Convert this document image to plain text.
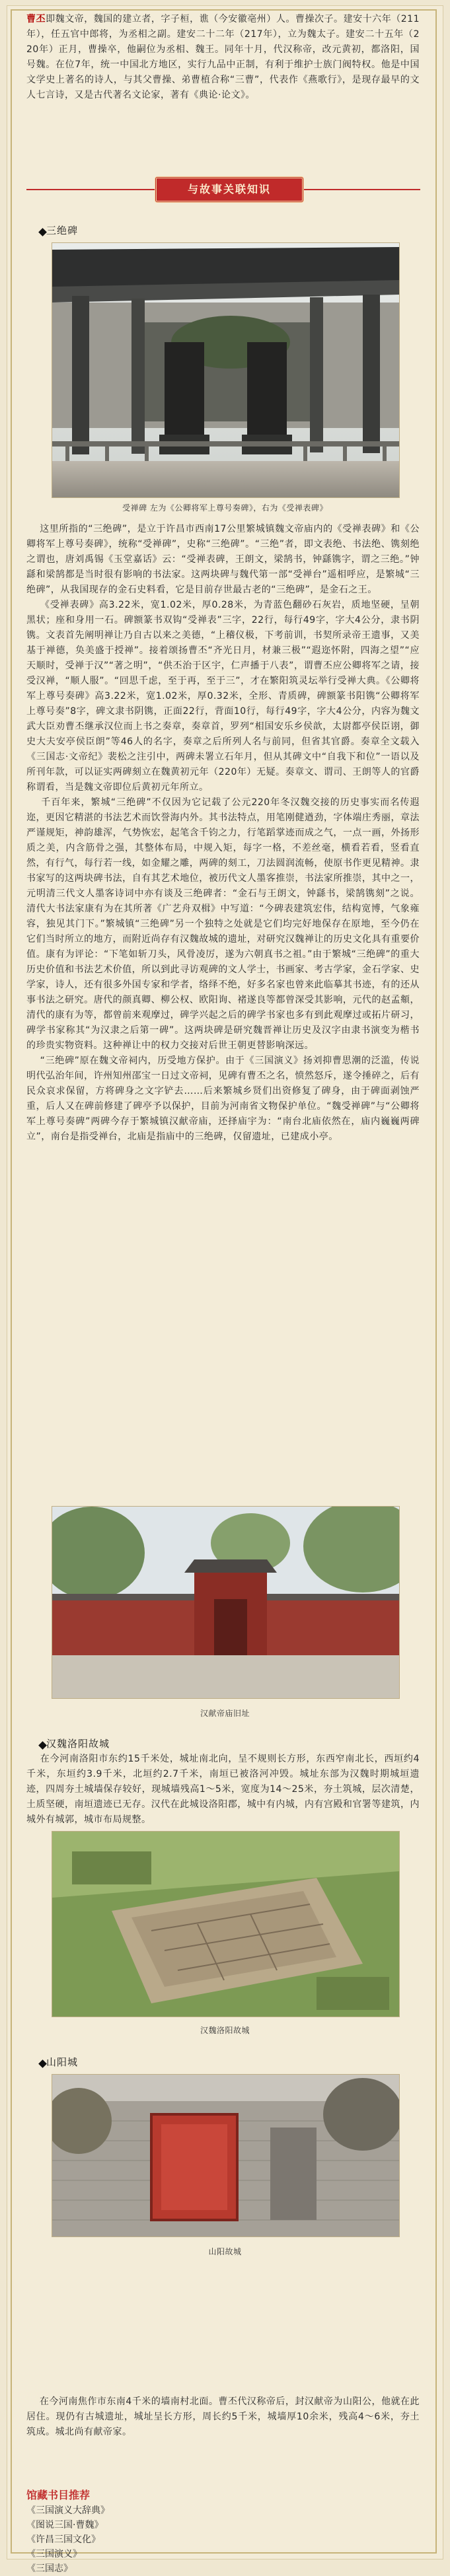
曹丕即魏文帝，魏国的建立者，字子桓，谯（今安徽亳州）人。曹操次子。建安十六年（211年），任五官中郎将，为丞相之副。建安二十二年（217年），立为魏太子。建安二十五年（220年）正月，曹操卒，他嗣位为丞相、魏王。同年十月，代汉称帝，改元黄初，都洛阳，国号魏。在位7年，统一中国北方地区，实行九品中正制，有利于维护士族门阀特权。他是中国文学史上著名的诗人，与其父曹操、弟曹植合称“三曹”，代表作《燕歌行》，是现存最早的文人七言诗，又是古代著名文论家，著有《典论·论文》。
与故事关联知识
三绝碑
受禅碑 左为《公卿将军上尊号奏碑》，右为《受禅表碑》
这里所指的“三绝碑”，是立于许昌市西南17公里繁城镇魏文帝庙内的《受禅表碑》和《公卿将军上尊号奏碑》，统称“受禅碑”，史称“三绝碑”。“三绝”者，即文表绝、书法绝、镌刻绝之谓也，唐刘禹锡《玉堂嘉话》云：“受禅表碑，王朗文，梁鹄书，钟繇镌字，谓之三绝。”钟繇和梁鹄都是当时很有影响的书法家。这两块碑与魏代第一部“受禅台”遥相呼应，是繁城“三绝碑”，从我国现存的金石史料看，它是目前存世最古老的“三绝碑”，是金石之王。
《受禅表碑》高3.22米，宽1.02米，厚0.28米，为青蓝色翻砂石灰岩，质地坚硬，呈朝黑状；座和身用一石。碑额篆书双钩“受禅表”三字，22行，每行49字，字大4公分，隶书阴镌。文表首先阐明禅让乃自古以来之美德，“上稽仪极，下考前训，书契所录帝王遗事，又美基于禅德，奂美盛于授禅”。接着颂扬曹丕“齐光日月，材兼三极”“遐迩怀附，四海之望”“应天顺时，受禅于汉”“著之明”，“供丕治于区宇，仁声播于八表”，谓曹丕应公卿将军之请，接受汉禅，“顺人服”。“回思千虑，至于再，至于三”，才在繁阳筑灵坛举行受禅大典。《公卿将军上尊号奏碑》高3.22米，宽1.02米，厚0.32米，全形、青质碑，碑额篆书阳镌“公卿将军上尊号奏”8字，碑文隶书阴镌，正面22行，背面10行，每行49字，字大4公分，内容为魏文武大臣劝曹丕继承汉位而上书之奏章，奏章首，罗列“相国安乐乡侯歆，太尉都亭侯臣诩，御史大夫安亭侯臣朗”等46人的名字，奏章之后所列人名与前同，但省其官爵。奏章全文载入《三国志·文帝纪》裴松之注引中，两碑未署立石年月，但从其碑文中“自我下和位”一语以及所刊年款，可以证实两碑刻立在魏黄初元年（220年）无疑。奏章文、谓司、王朗等人的官爵称谓看，当是魏文帝即位后黄初元年所立。
千百年来，繁城“三绝碑”不仅因为它记载了公元220年冬汉魏交接的历史事实而名传遐迩，更因它精湛的书法艺术而饮誉海内外。其书法特点，用笔刚健遒劲，字体端庄秀丽，章法严谨规矩，神韵雄浑，气势恢宏，起笔含千钧之力，行笔蹈掌迹而成之气，一点一画，外扬形质之美，内含筋骨之强，其整体布局，中规入矩，每字一格，不差丝毫，横看若看，竖看直然，有行气，每行若一线，如金耀之雕，两碑的刻工，刀法圆润流畅，使原书作更见精神。隶书家写的这两块碑书法，自有其艺术地位，被历代文人墨客推崇，书法家所推崇，其中之一，元明清三代文人墨客诗词中亦有谈及三绝碑者：“金石与王朗文，钟繇书，梁鹄镌刻”之说。清代大书法家康有为在其所著《广艺舟双楫》中写道：“今碑表建筑宏伟，结构宽博，气象雍容，独见其门下。”繁城镇“三绝碑”另一个独特之处就是它们均完好地保存在原地，至今仍在它们当时所立的地方，而附近尚存有汉魏故城的遗址，对研究汉魏禅让的历史文化具有重要价值。康有为评论：“下笔如斩刀头，风骨凌厉，遂为六朝真书之祖。”由于繁城“三绝碑”的重大历史价值和书法艺术价值，所以到此寻访观碑的文人学士，书画家、考古学家，金石学家、史学家，诗人，还有很多外国专家和学者，络绎不绝，好多名家也曾来此临摹其书迹，有的还从事书法之研究。唐代的颜真卿、柳公权、欧阳询、褚遂良等都曾深受其影响，元代的赵孟頫，清代的康有为等，都曾前来观摩过，碑学兴起之后的碑学书家也多有到此观摩过或拓片研习，碑学书家称其“为汉隶之后第一碑”。这两块碑是研究魏晋禅让历史及汉字由隶书演变为楷书的珍贵实物资料。这种禅让中的权力交接对后世王朝更替影响深远。
“三绝碑”原在魏文帝祠内，历受地方保护。由于《三国演义》扬刘抑曹思潮的泛滥，传说明代弘治年间，许州知州邵宝一日过文帝祠，见碑有曹丕之名，愤然怒斥，遂令捶碎之，后有民众哀求保留，方将碑身之文字铲去……后来繁城乡贤们出资修复了碑身，由于碑面剥蚀严重，后人又在碑前修建了碑亭予以保护，目前为河南省文物保护单位。“魏受禅碑”与“公卿将军上尊号奏碑”两碑今存于繁城镇汉献帝庙，还择庙宇为：“南台北庙依然在，庙内巍巍两碑立”，南台是指受禅台，北庙是指庙中的三绝碑，仅留遗址，已建成小亭。
汉献帝庙旧址
汉魏洛阳故城
在今河南洛阳市东约15千米处，城址南北向，呈不规则长方形，东西窄南北长，西垣约4千米，东垣约3.9千米，北垣约2.7千米，南垣已被洛河冲毁。城址东部为汉魏时期城垣遗迹，四周夯土城墙保存较好，现城墙残高1～5米，宽度为14～25米，夯土筑城，层次清楚，土质坚硬，南垣遗迹已无存。汉代在此城设洛阳郡，城中有内城，内有宫殿和官署等建筑，内城外有城郭，城市布局规整。
汉魏洛阳故城
山阳城
山阳故城
在今河南焦作市东南4千米的墙南村北面。曹丕代汉称帝后，封汉献帝为山阳公，他就在此居住。现仍有古城遗址，城址呈长方形，周长约5千米，城墙厚10余米，残高4～6米，夯土筑成。城北尚有献帝家。
馆藏书目推荐
《三国演义大辞典》
《图说三国·曹魏》
《许昌三国文化》
《三国演义》
《三国志》
